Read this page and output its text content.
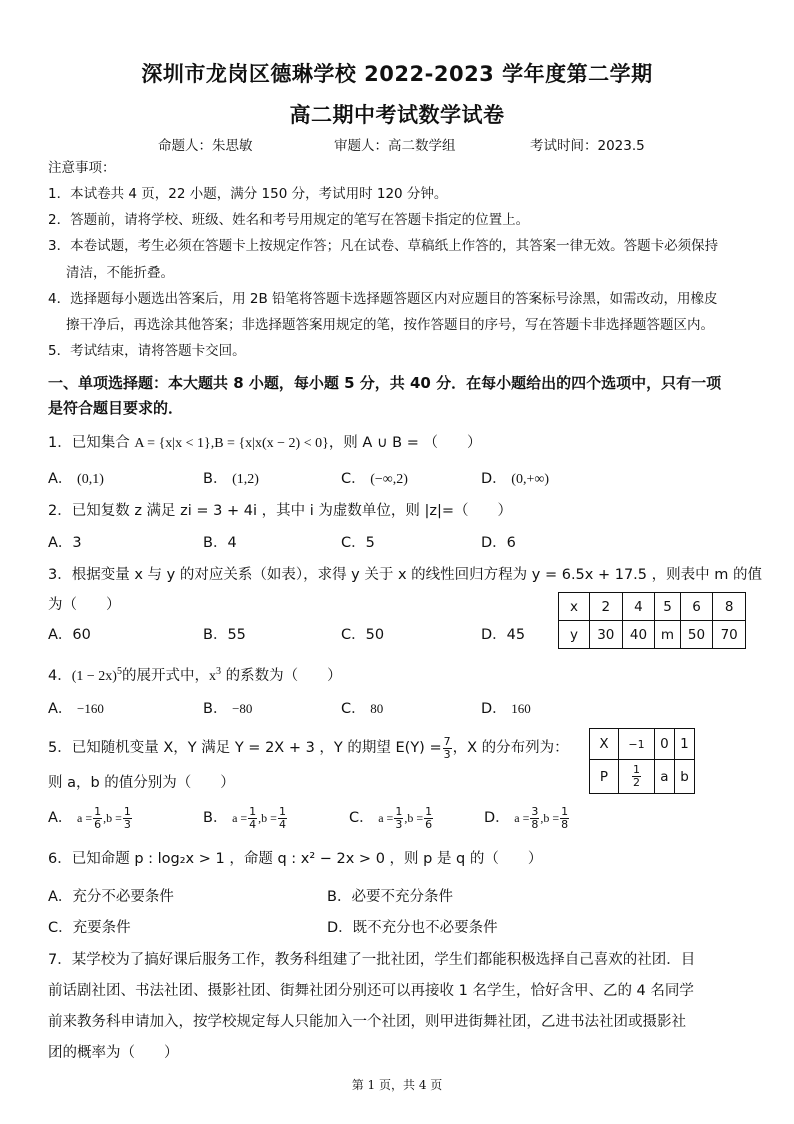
深圳市龙岗区德琳学校 2022-2023 学年度第二学期
高二期中考试数学试卷
命题人：朱思敏	审题人：高二数学组	考试时间：2023.5
注意事项：
1．本试卷共 4 页，22 小题，满分 150 分，考试用时 120 分钟。
2．答题前，请将学校、班级、姓名和考号用规定的笔写在答题卡指定的位置上。
3．本卷试题，考生必须在答题卡上按规定作答；凡在试卷、草稿纸上作答的，其答案一律无效。答题卡必须保持
清洁，不能折叠。
4．选择题每小题选出答案后，用 2B 铅笔将答题卡选择题答题区内对应题目的答案标号涂黑，如需改动，用橡皮
擦干净后，再选涂其他答案；非选择题答案用规定的笔，按作答题目的序号，写在答题卡非选择题答题区内。
5．考试结束，请将答题卡交回。
一、单项选择题：本大题共 8 小题，每小题 5 分，共 40 分．在每小题给出的四个选项中，只有一项
是符合题目要求的．
1．已知集合 A = {x|x < 1},B = {x|x(x − 2) < 0}，则 A ∪ B = （　　）
A． (0,1)	B． (1,2)	C． (−∞,2)	D． (0,+∞)
2．已知复数 z 满足 zi = 3 + 4i ，其中 i 为虚数单位，则 |z|=（　　）
A．3	B．4	C．5	D．6
3．根据变量 x 与 y 的对应关系（如表），求得 y 关于 x 的线性回归方程为 y = 6.5x + 17.5 ，则表中 m 的值
为（　　）	x	2	4	5	6	8
y	30	40	m	50	70
A．60	B．55	C．50	D．45
4．$(1 - 2x)^5$的展开式中，$x^3$ 的系数为（　　）
A． −160	B． −80	C． 80	D． 160
5．已知随机变量 X，Y 满足 Y = 2X + 3 ，Y 的期望 $E(Y) = \frac{7}{3}$ ，X 的分布列为：
则 a，b 的值分别为（　　）
X	−1	0	1
P	$\frac{1}{2}$	a	b
A． $a = \frac{1}{6} ,b = \frac{1}{3}$	B． $a = \frac{1}{4} ,b = \frac{1}{4}$	C． $a = \frac{1}{3} ,b = \frac{1}{6}$	D． $a = \frac{3}{8} ,b = \frac{1}{8}$
6．已知命题 p : log₂x > 1 ，命题 q : x² − 2x > 0 ，则 p 是 q 的（　　）
A．充分不必要条件	B．必要不充分条件
C．充要条件	D．既不充分也不必要条件
7．某学校为了搞好课后服务工作，教务科组建了一批社团，学生们都能积极选择自己喜欢的社团．目
前话剧社团、书法社团、摄影社团、街舞社团分别还可以再接收 1 名学生，恰好含甲、乙的 4 名同学
前来教务科申请加入，按学校规定每人只能加入一个社团，则甲进街舞社团，乙进书法社团或摄影社
团的概率为（　　）
第 1 页，共 4 页
